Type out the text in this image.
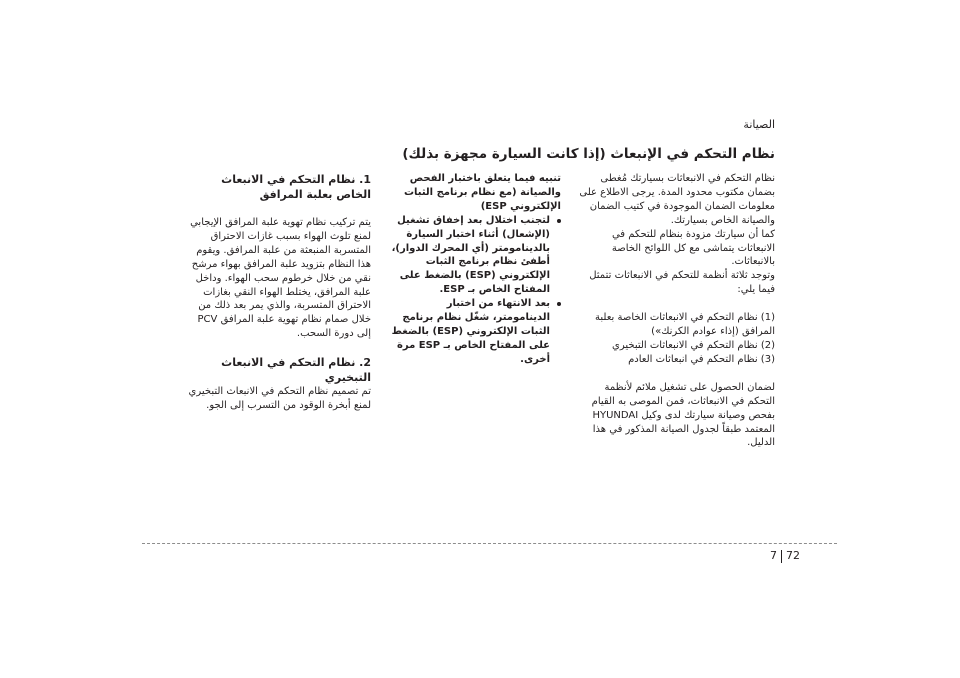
الصيانة
نظام التحكم في الإنبعاث (إذا كانت السيارة مجهزة بذلك)

نظام التحكم في الانبعاثات بسيارتك مُغطى بضمان مكتوب محدود المدة. يرجى الاطلاع على معلومات الضمان الموجودة في كتيب الضمان والصيانة الخاص بسيارتك.

كما أن سيارتك مزودة بنظام للتحكم في الانبعاثات يتماشى مع كل اللوائح الخاصة بالانبعاثات.

وتوجد ثلاثة أنظمة للتحكم في الانبعاثات تتمثل فيما يلي:

(1) نظام التحكم في الانبعاثات الخاصة بعلبة المرافق (إذاء عوادم الكرنك»)
(2) نظام التحكم في الانبعاثات التبخيري
(3) نظام التحكم في انبعاثات العادم

لضمان الحصول على تشغيل ملائم لأنظمة التحكم في الانبعاثات، فمن الموصى به القيام بفحص وصيانة سيارتك لدى وكيل HYUNDAI المعتمد طبقاً لجدول الصيانة المذكور في هذا الدليل.

تنبيه فيما يتعلق باختبار الفحص والصيانة (مع نظام برنامج الثبات الإلكتروني ESP)

لتجنب اختلال بعد إخفاق تشغيل (الإشعال) أثناء اختبار السيارة بالدينامومتر (أي المحرك الدوار)، أطفئ نظام برنامج الثبات الإلكتروني (ESP) بالضغط على المفتاح الخاص بـ ESP.
بعد الانتهاء من اختبار الدينامومتر، شغّل نظام برنامج الثبات الإلكتروني (ESP) بالضغط على المفتاح الخاص بـ ESP مرة أخرى.

1. نظام التحكم في الانبعاث الخاص بعلبة المرافق

يتم تركيب نظام تهوية علبة المرافق الإيجابي لمنع تلوث الهواء بسبب غازات الاحتراق المتسربة المنبعثة من علبة المرافق. ويقوم هذا النظام بتزويد علبة المرافق بهواء مرشح نقي من خلال خرطوم سحب الهواء. وداخل علبة المرافق، يختلط الهواء النقي بغازات الاحتراق المتسربة، والذي يمر بعد ذلك من خلال صمام نظام تهوية علبة المرافق PCV إلى دورة السحب.

2. نظام التحكم في الانبعاث التبخيري

تم تصميم نظام التحكم في الانبعاث التبخيري لمنع أبخرة الوقود من التسرب إلى الجو.

7 72
